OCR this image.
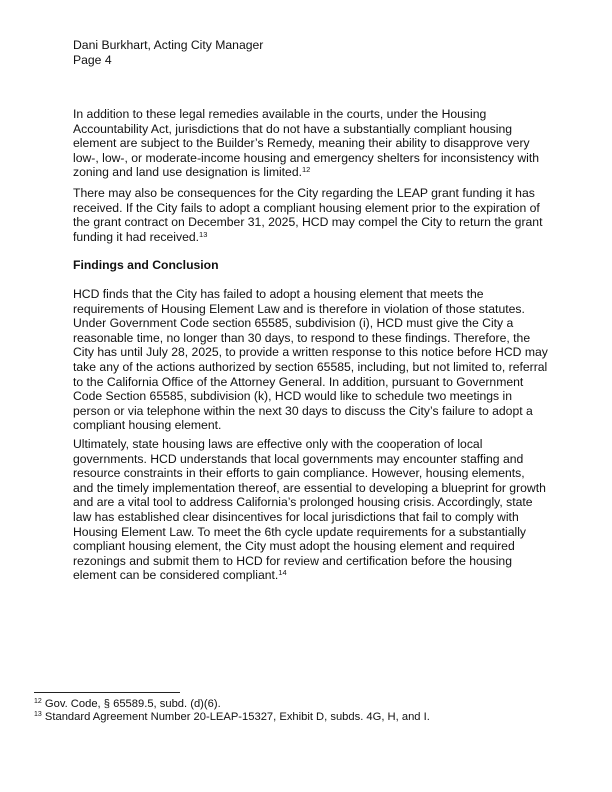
Dani Burkhart, Acting City Manager
Page 4

In addition to these legal remedies available in the courts, under the Housing
Accountability Act, jurisdictions that do not have a substantially compliant housing
element are subject to the Builder’s Remedy, meaning their ability to disapprove very
low-, low-, or moderate-income housing and emergency shelters for inconsistency with
zoning and land use designation is limited.$^{12}$

There may also be consequences for the City regarding the LEAP grant funding it has
received. If the City fails to adopt a compliant housing element prior to the expiration of
the grant contract on December 31, 2025, HCD may compel the City to return the grant
funding it had received.$^{13}$

Findings and Conclusion

HCD finds that the City has failed to adopt a housing element that meets the
requirements of Housing Element Law and is therefore in violation of those statutes.
Under Government Code section 65585, subdivision (i), HCD must give the City a
reasonable time, no longer than 30 days, to respond to these findings. Therefore, the
City has until July 28, 2025, to provide a written response to this notice before HCD may
take any of the actions authorized by section 65585, including, but not limited to, referral
to the California Office of the Attorney General. In addition, pursuant to Government
Code Section 65585, subdivision (k), HCD would like to schedule two meetings in
person or via telephone within the next 30 days to discuss the City’s failure to adopt a
compliant housing element.

Ultimately, state housing laws are effective only with the cooperation of local
governments. HCD understands that local governments may encounter staffing and
resource constraints in their efforts to gain compliance. However, housing elements,
and the timely implementation thereof, are essential to developing a blueprint for growth
and are a vital tool to address California’s prolonged housing crisis. Accordingly, state
law has established clear disincentives for local jurisdictions that fail to comply with
Housing Element Law. To meet the 6th cycle update requirements for a substantially
compliant housing element, the City must adopt the housing element and required
rezonings and submit them to HCD for review and certification before the housing
element can be considered compliant.$^{14}$

$^{12}$ Gov. Code, § 65589.5, subd. (d)(6).
$^{13}$ Standard Agreement Number 20-LEAP-15327, Exhibit D, subds. 4G, H, and I.
